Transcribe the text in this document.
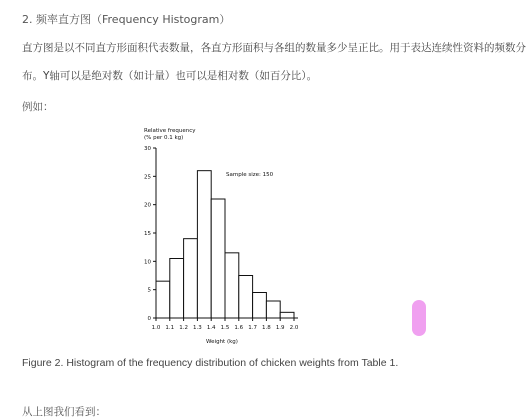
2. 频率直方图（Frequency Histogram）
直方图是以不同直方形面积代表数量，各直方形面积与各组的数量多少呈正比。用于表达连续性资料的频数分
布。Y轴可以是绝对数（如计量）也可以是相对数（如百分比）。
例如：
Relative frequency
(% per 0.1 kg)
Sample size: 150
Weight (kg)
0
5
10
15
20
25
30
1.0 1.1 1.2 1.3 1.4 1.5 1.6 1.7 1.8 1.9 2.0
Figure 2. Histogram of the frequency distribution of chicken weights from Table 1.
从上图我们看到：
